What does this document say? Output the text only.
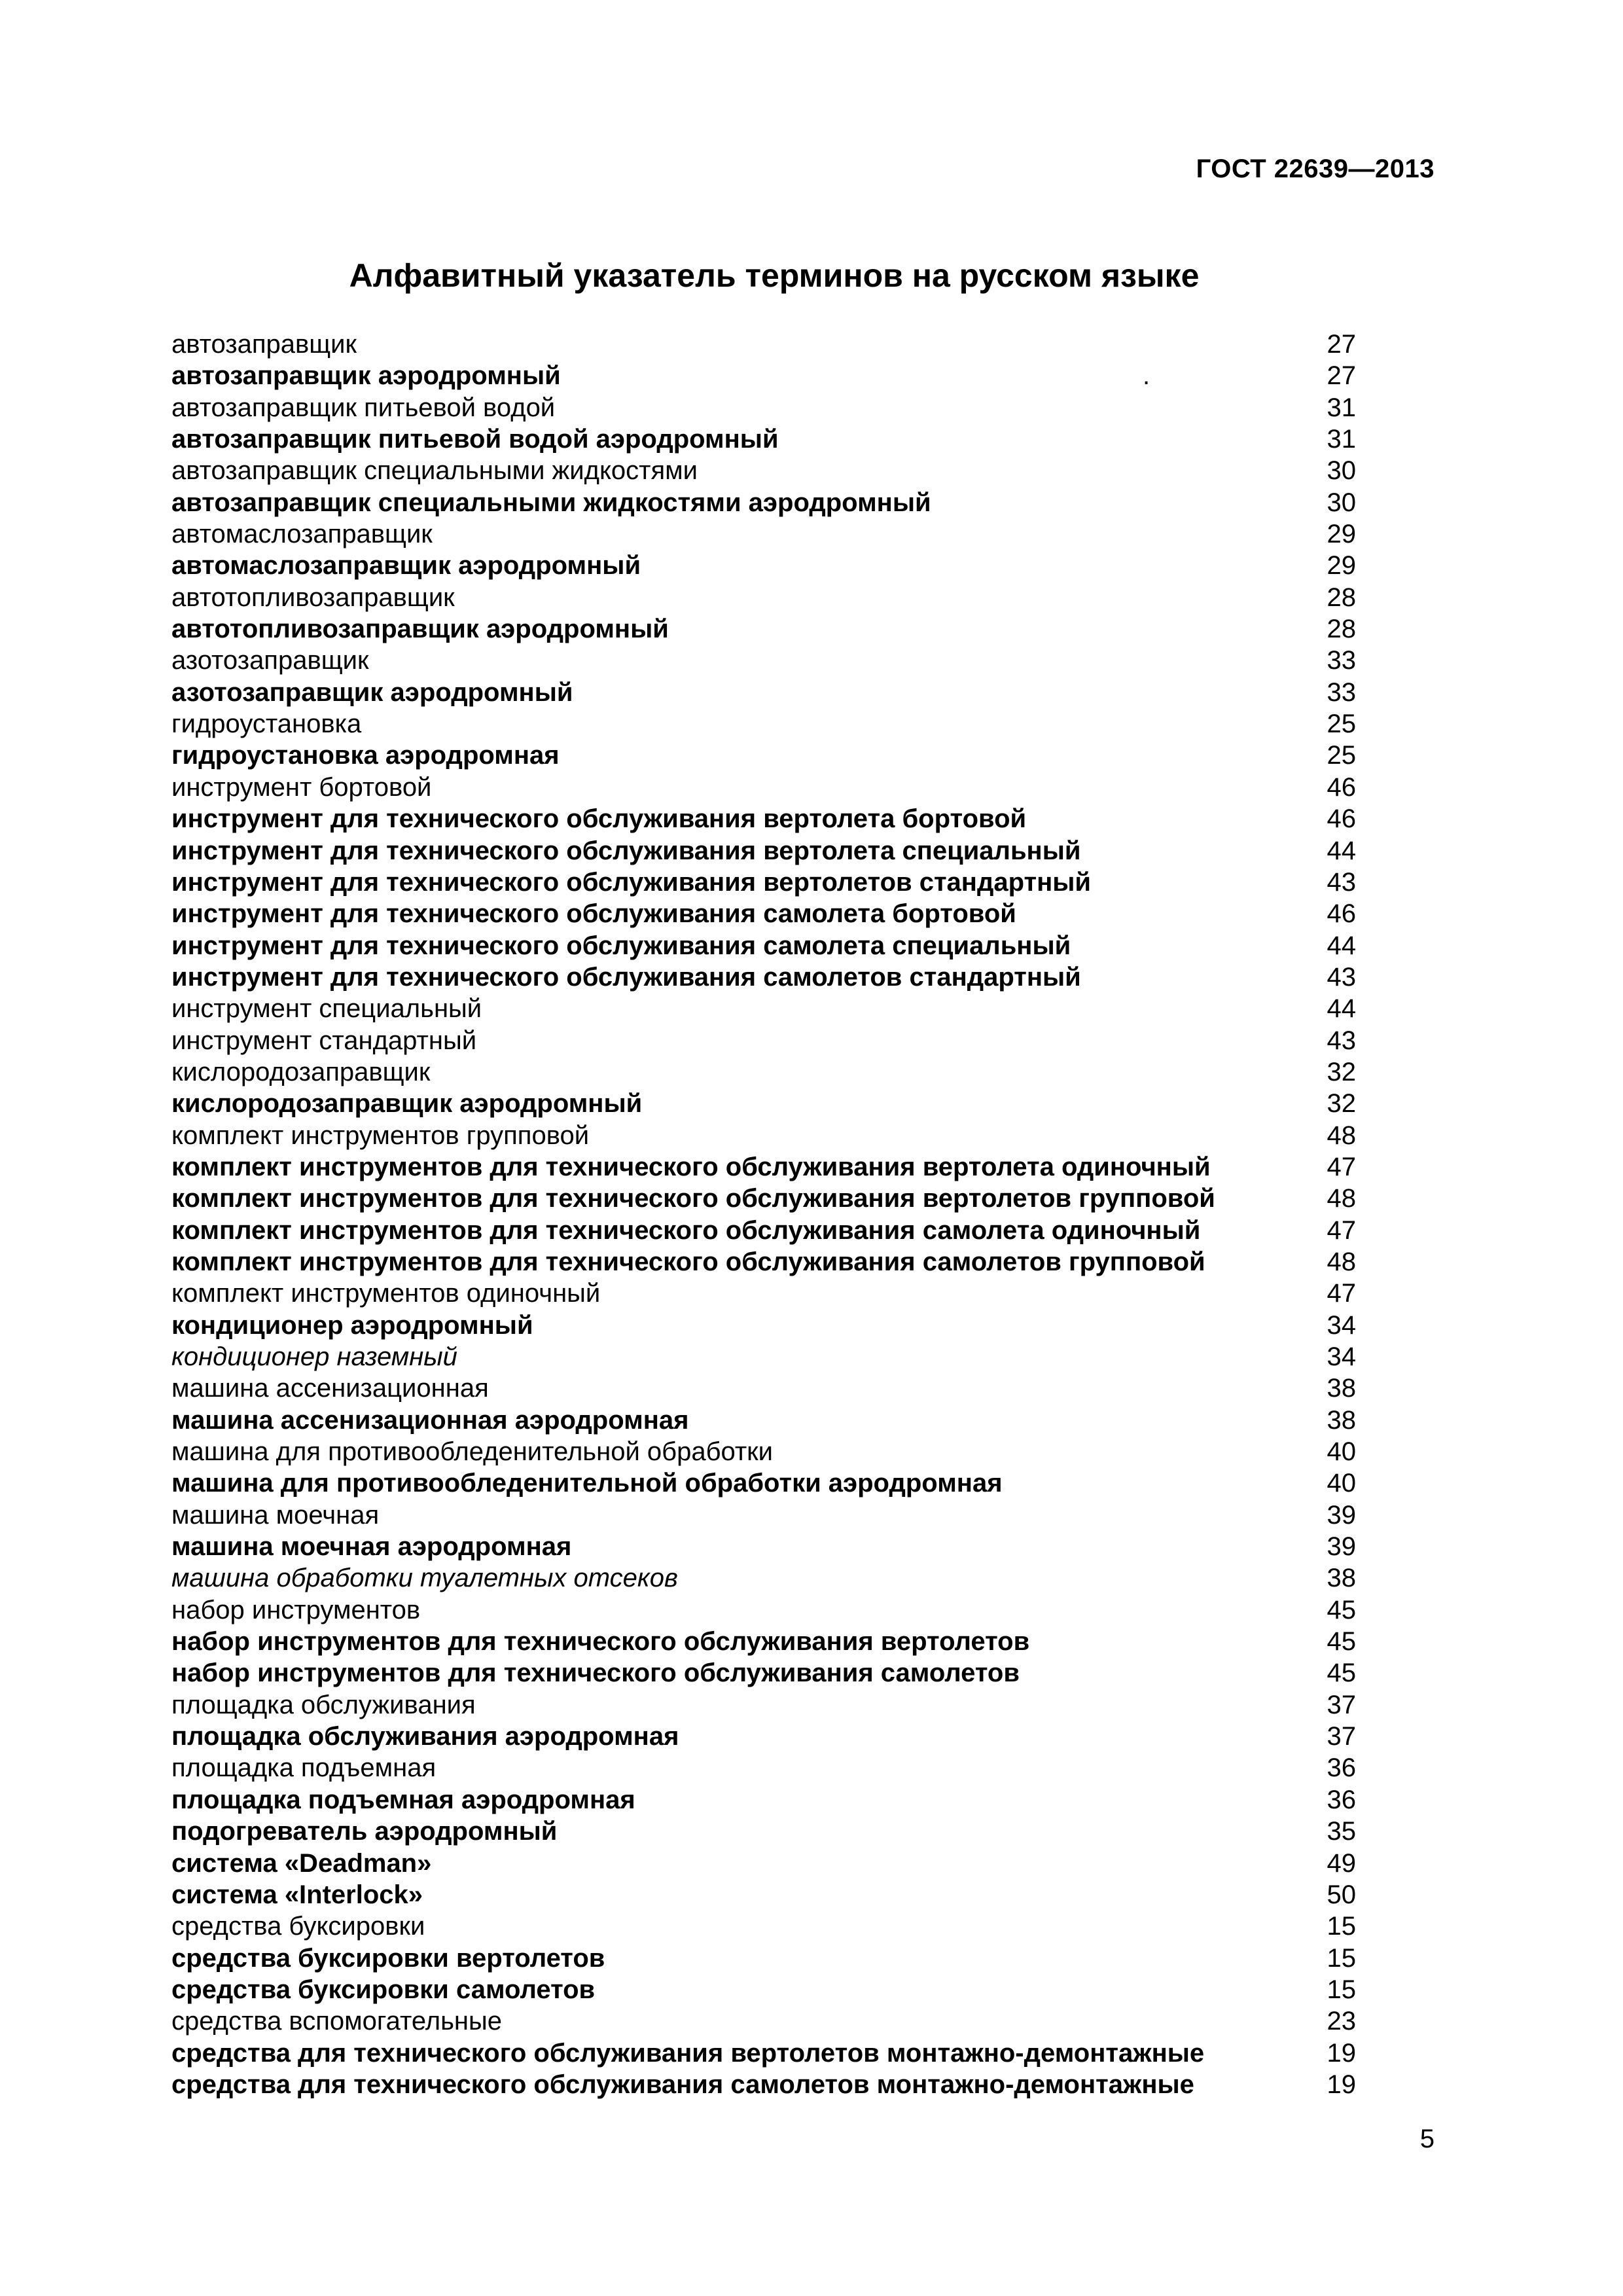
ГОСТ 22639—2013
Алфавитный указатель терминов на русском языке
автозаправщик	27
автозаправщик аэродромный	.	27
автозаправщик питьевой водой	31
автозаправщик питьевой водой аэродромный	31
автозаправщик специальными жидкостями	30
автозаправщик специальными жидкостями аэродромный	30
автомаслозаправщик	29
автомаслозаправщик аэродромный	29
автотопливозаправщик	28
автотопливозаправщик аэродромный	28
азотозаправщик	33
азотозаправщик аэродромный	33
гидроустановка	25
гидроустановка аэродромная	25
инструмент бортовой	46
инструмент для технического обслуживания вертолета бортовой	46
инструмент для технического обслуживания вертолета специальный	44
инструмент для технического обслуживания вертолетов стандартный	43
инструмент для технического обслуживания самолета бортовой	46
инструмент для технического обслуживания самолета специальный	44
инструмент для технического обслуживания самолетов стандартный	43
инструмент специальный	44
инструмент стандартный	43
кислородозаправщик	32
кислородозаправщик аэродромный	32
комплект инструментов групповой	48
комплект инструментов для технического обслуживания вертолета одиночный	47
комплект инструментов для технического обслуживания вертолетов групповой	48
комплект инструментов для технического обслуживания самолета одиночный	47
комплект инструментов для технического обслуживания самолетов групповой	48
комплект инструментов одиночный	47
кондиционер аэродромный	34
кондиционер наземный	34
машина ассенизационная	38
машина ассенизационная аэродромная	38
машина для противообледенительной обработки	40
машина для противообледенительной обработки аэродромная	40
машина моечная	39
машина моечная аэродромная	39
машина обработки туалетных отсеков	38
набор инструментов	45
набор инструментов для технического обслуживания вертолетов	45
набор инструментов для технического обслуживания самолетов	45
площадка обслуживания	37
площадка обслуживания аэродромная	37
площадка подъемная	36
площадка подъемная аэродромная	36
подогреватель аэродромный	35
система «Deadman»	49
система «Interlock»	50
средства буксировки	15
средства буксировки вертолетов	15
средства буксировки самолетов	15
средства вспомогательные	23
средства для технического обслуживания вертолетов монтажно-демонтажные	19
средства для технического обслуживания самолетов монтажно-демонтажные	19
5
